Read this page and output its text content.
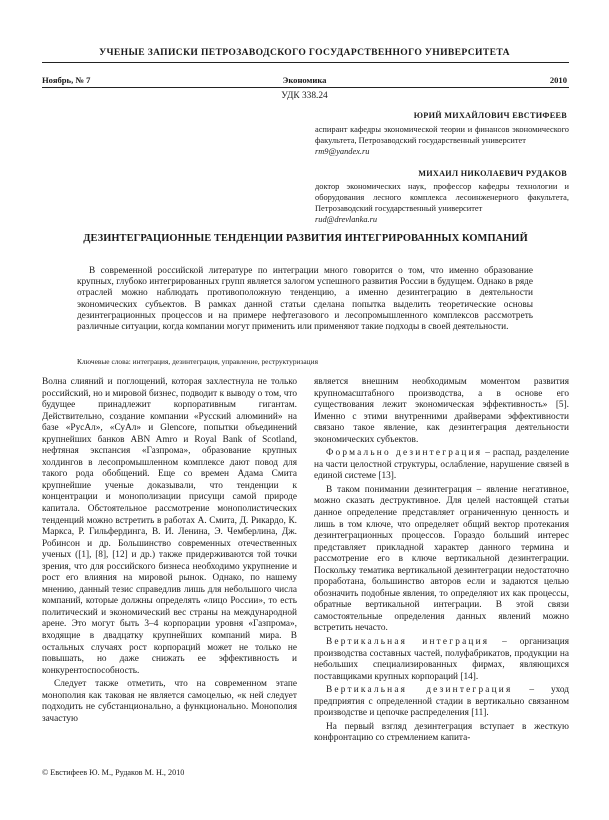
УЧЕНЫЕ ЗАПИСКИ ПЕТРОЗАВОДСКОГО ГОСУДАРСТВЕННОГО УНИВЕРСИТЕТА
Ноябрь, № 7	Экономика	2010
УДК 338.24
ЮРИЙ МИХАЙЛОВИЧ ЕВСТИФЕЕВ
аспирант кафедры экономической теории и финансов экономического факультета, Петрозаводский государственный университет
rm9@yandex.ru
МИХАИЛ НИКОЛАЕВИЧ РУДАКОВ
доктор экономических наук, профессор кафедры технологии и оборудования лесного комплекса лесоинженерного факультета, Петрозаводский государственный университет
rud@drevlanka.ru
ДЕЗИНТЕГРАЦИОННЫЕ ТЕНДЕНЦИИ РАЗВИТИЯ ИНТЕГРИРОВАННЫХ КОМПАНИЙ

В современной российской литературе по интеграции много говорится о том, что именно образование крупных, глубоко интегрированных групп является залогом успешного развития России в будущем. Однако в ряде отраслей можно наблюдать противоположную тенденцию, а именно дезинтеграцию в деятельности экономических субъектов. В рамках данной статьи сделана попытка выделить теоретические основы дезинтеграционных процессов и на примере нефтегазового и лесопромышленного комплексов рассмотреть различные ситуации, когда компании могут применить или применяют такие подходы в своей деятельности.

Ключевые слова: интеграция, дезинтеграция, управление, реструктуризация

Волна слияний и поглощений, которая захлестнула не только российский, но и мировой бизнес, подводит к выводу о том, что будущее принадлежит корпоративным гигантам. Действительно, создание компании «Русский алюминий» на базе «РусАл», «СуАл» и Glencore, попытки объединений крупнейших банков ABN Amro и Royal Bank of Scotland, нефтяная экспансия «Газпрома», образование крупных холдингов в лесопромышленном комплексе дают повод для такого рода обобщений. Еще со времен Адама Смита крупнейшие ученые доказывали, что тенденции к концентрации и монополизации присущи самой природе капитала. Обстоятельное рассмотрение монополистических тенденций можно встретить в работах А. Смита, Д. Рикардо, К. Маркса, Р. Гильфердинга, В. И. Ленина, Э. Чемберлина, Дж. Робинсон и др. Большинство современных отечественных ученых ([1], [8], [12] и др.) также придерживаются той точки зрения, что для российского бизнеса необходимо укрупнение и рост его влияния на мировой рынок. Однако, по нашему мнению, данный тезис справедлив лишь для небольшого числа компаний, которые должны определять «лицо России», то есть политический и экономический вес страны на международной арене. Это могут быть 3–4 корпорации уровня «Газпрома», входящие в двадцатку крупнейших компаний мира. В остальных случаях рост корпораций может не только не повышать, но даже снижать ее эффективность и конкурентоспособность.

Следует также отметить, что на современном этапе монополия как таковая не является самоцелью, «к ней следует подходить не субстанционально, а функционально. Монополия зачастую

является внешним необходимым моментом развития крупномасштабного производства, а в основе его существования лежит экономическая эффективность» [5]. Именно с этими внутренними драйверами эффективности связано такое явление, как дезинтеграция деятельности экономических субъектов.

Формально дезинтеграция – распад, разделение на части целостной структуры, ослабление, нарушение связей в единой системе [13].

В таком понимании дезинтеграция – явление негативное, можно сказать деструктивное. Для целей настоящей статьи данное определение представляет ограниченную ценность и лишь в том ключе, что определяет общий вектор протекания дезинтеграционных процессов. Гораздо больший интерес представляет прикладной характер данного термина и рассмотрение его в ключе вертикальной дезинтеграции. Поскольку тематика вертикальной дезинтеграции недостаточно проработана, большинство авторов если и задаются целью обозначить подобные явления, то определяют их как процессы, обратные вертикальной интеграции. В этой связи самостоятельные определения данных явлений можно встретить нечасто.

Вертикальная интеграция – организация производства составных частей, полуфабрикатов, продукции на небольших специализированных фирмах, являющихся поставщиками крупных корпораций [14].

Вертикальная дезинтеграция – уход предприятия с определенной стадии в вертикально связанном производстве и цепочке распределения [11].

На первый взгляд дезинтеграция вступает в жесткую конфронтацию со стремлением капита-

© Евстифеев Ю. М., Рудаков М. Н., 2010
